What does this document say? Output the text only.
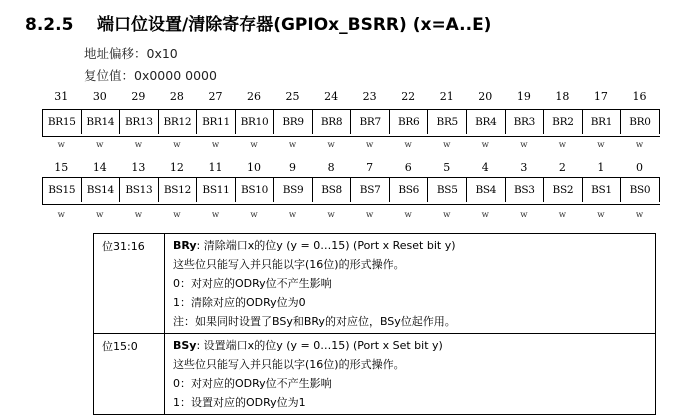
8.2.5 端口位设置/清除寄存器(GPIOx_BSRR) (x=A..E)
地址偏移：0x10
复位值：0x0000 0000
31	30	29	28	27	26	25	24	23	22	21	20	19	18	17	16
BR15	BR14	BR13	BR12	BR11	BR10	BR9	BR8	BR7	BR6	BR5	BR4	BR3	BR2	BR1	BR0
w	w	w	w	w	w	w	w	w	w	w	w	w	w	w	w
15	14	13	12	11	10	9	8	7	6	5	4	3	2	1	0
BS15	BS14	BS13	BS12	BS11	BS10	BS9	BS8	BS7	BS6	BS5	BS4	BS3	BS2	BS1	BS0
w	w	w	w	w	w	w	w	w	w	w	w	w	w	w	w
位31:16	BRy: 清除端口x的位y (y = 0…15) (Port x Reset bit y)
这些位只能写入并只能以字(16位)的形式操作。
0：对对应的ODRy位不产生影响
1：清除对应的ODRy位为0
注：如果同时设置了BSy和BRy的对应位，BSy位起作用。

位15:0	BSy: 设置端口x的位y (y = 0…15) (Port x Set bit y)
这些位只能写入并只能以字(16位)的形式操作。
0：对对应的ODRy位不产生影响
1：设置对应的ODRy位为1
